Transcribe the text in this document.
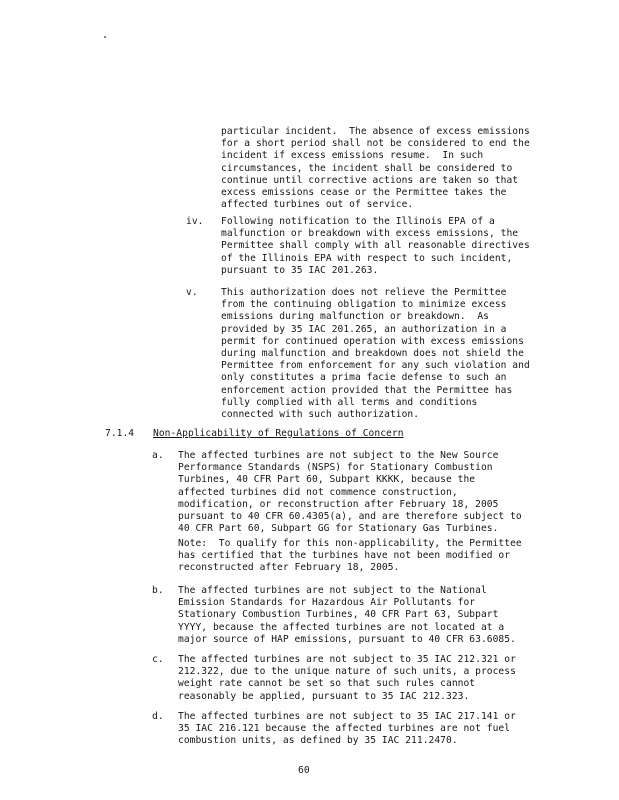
particular incident.  The absence of excess emissions
for a short period shall not be considered to end the
incident if excess emissions resume.  In such
circumstances, the incident shall be considered to
continue until corrective actions are taken so that
excess emissions cease or the Permittee takes the
affected turbines out of service.
iv. Following notification to the Illinois EPA of a
malfunction or breakdown with excess emissions, the
Permittee shall comply with all reasonable directives
of the Illinois EPA with respect to such incident,
pursuant to 35 IAC 201.263.
v. This authorization does not relieve the Permittee
from the continuing obligation to minimize excess
emissions during malfunction or breakdown.  As
provided by 35 IAC 201.265, an authorization in a
permit for continued operation with excess emissions
during malfunction and breakdown does not shield the
Permittee from enforcement for any such violation and
only constitutes a prima facie defense to such an
enforcement action provided that the Permittee has
fully complied with all terms and conditions
connected with such authorization.
7.1.4 Non-Applicability of Regulations of Concern
a. The affected turbines are not subject to the New Source
Performance Standards (NSPS) for Stationary Combustion
Turbines, 40 CFR Part 60, Subpart KKKK, because the
affected turbines did not commence construction,
modification, or reconstruction after February 18, 2005
pursuant to 40 CFR 60.4305(a), and are therefore subject to
40 CFR Part 60, Subpart GG for Stationary Gas Turbines.
Note:  To qualify for this non-applicability, the Permittee
has certified that the turbines have not been modified or
reconstructed after February 18, 2005.
b. The affected turbines are not subject to the National
Emission Standards for Hazardous Air Pollutants for
Stationary Combustion Turbines, 40 CFR Part 63, Subpart
YYYY, because the affected turbines are not located at a
major source of HAP emissions, pursuant to 40 CFR 63.6085.
c. The affected turbines are not subject to 35 IAC 212.321 or
212.322, due to the unique nature of such units, a process
weight rate cannot be set so that such rules cannot
reasonably be applied, pursuant to 35 IAC 212.323.
d. The affected turbines are not subject to 35 IAC 217.141 or
35 IAC 216.121 because the affected turbines are not fuel
combustion units, as defined by 35 IAC 211.2470.
60
